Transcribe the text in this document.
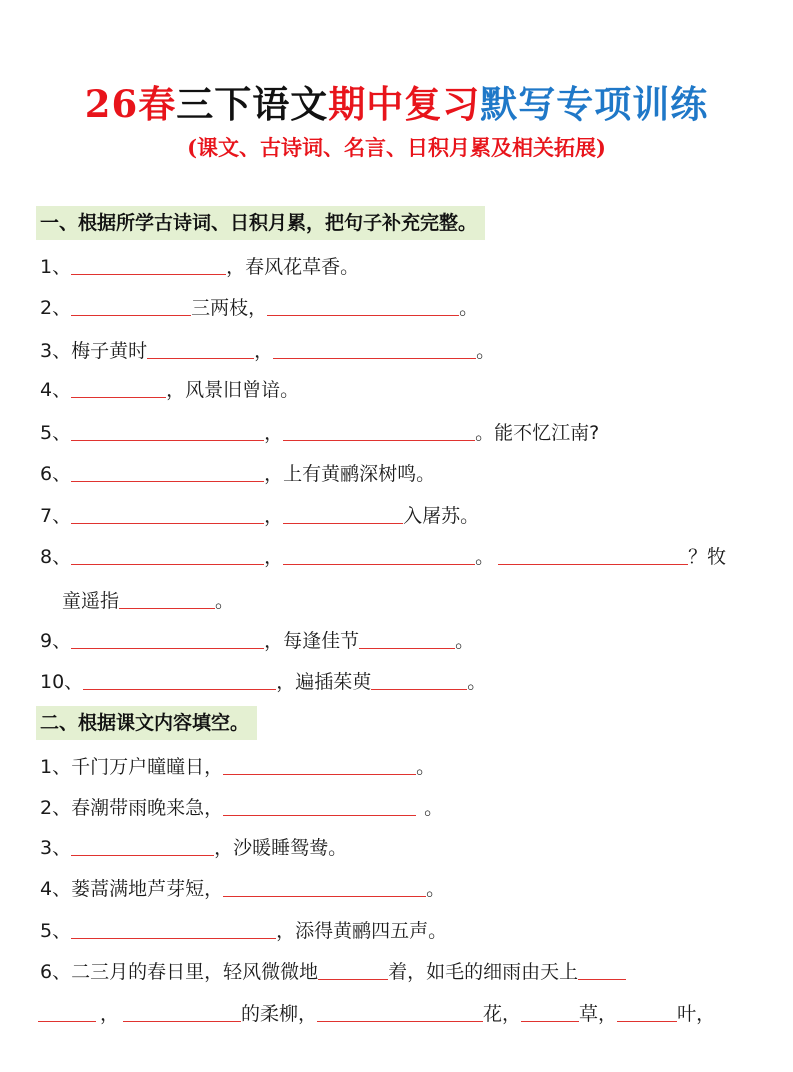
26春三下语文期中复习默写专项训练
(课文、古诗词、名言、日积月累及相关拓展)
一、根据所学古诗词、日积月累，把句子补充完整。
1、	，春风花草香。
2、	三两枝，	。
3、梅子黄时	，	。
4、	，风景旧曾谙。
5、	，	。能不忆江南?
6、	，上有黄鹂深树鸣。
7、	，	入屠苏。
8、	，	。	？牧
童遥指	。
9、	，每逢佳节	。
10、	，遍插茱萸	。
二、根据课文内容填空。
1、千门万户曈曈日，	。
2、春潮带雨晚来急，	。
3、	，沙暖睡鸳鸯。
4、蒌蒿满地芦芽短，	。
5、	，添得黄鹂四五声。
6、二三月的春日里，轻风微微地	着，如毛的细雨由天上
，	的柔柳，	花，	草，	叶，
